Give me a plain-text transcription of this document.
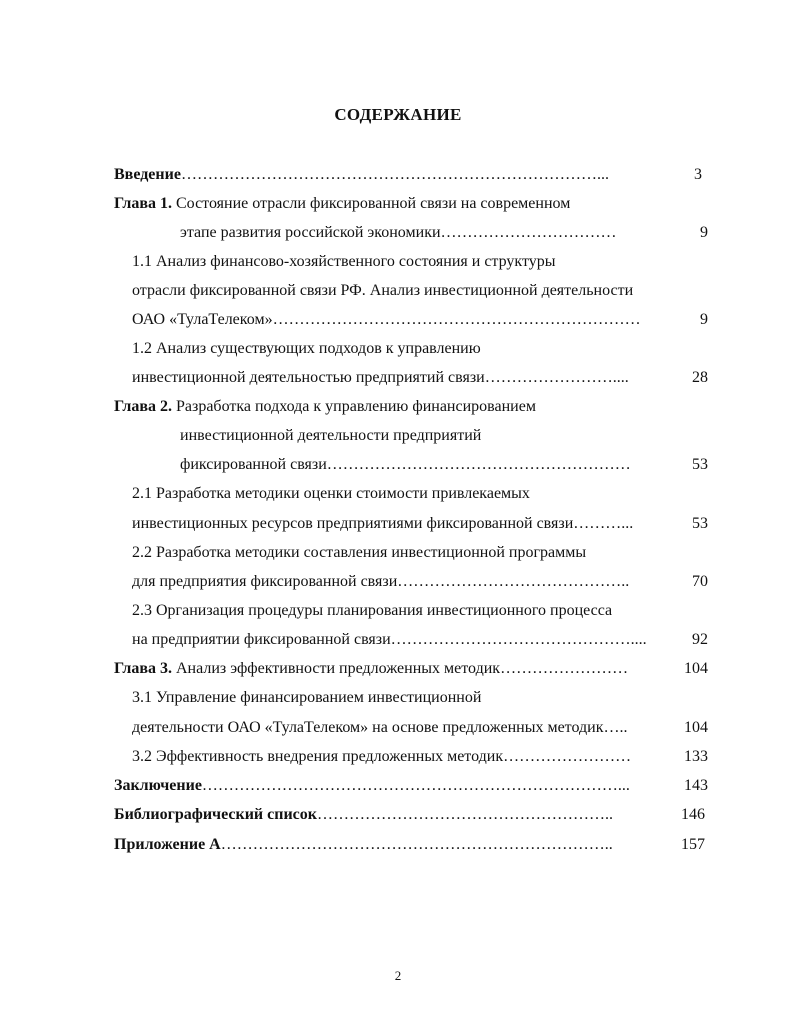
СОДЕРЖАНИЕ
Введение……………………………………………………………………...	3
Глава 1. Состояние отрасли фиксированной связи на современном
этапе развития российской экономики……………………………	9
1.1 Анализ финансово-хозяйственного состояния и структуры
отрасли фиксированной связи РФ. Анализ инвестиционной деятельности
ОАО «ТулаТелеком»……………………………………………………………	9
1.2 Анализ существующих подходов к управлению
инвестиционной деятельностью предприятий связи……………………....	28
Глава 2. Разработка подхода к управлению финансированием
инвестиционной деятельности предприятий
фиксированной связи…………………………………………………	53
2.1 Разработка методики оценки стоимости привлекаемых
инвестиционных ресурсов предприятиями фиксированной связи………...	53
2.2 Разработка методики составления инвестиционной программы
для предприятия фиксированной связи……………………………………..	70
2.3 Организация процедуры планирования инвестиционного процесса
на предприятии фиксированной связи………………………………………....	92
Глава 3. Анализ эффективности предложенных методик……………………	104
3.1 Управление финансированием инвестиционной
деятельности ОАО «ТулаТелеком» на основе предложенных методик…..	104
3.2 Эффективность внедрения предложенных методик……………………	133
Заключение……………………………………………………………………...	143
Библиографический список………………………………………………..	146
Приложение А………………………………………………………………..	157
2
